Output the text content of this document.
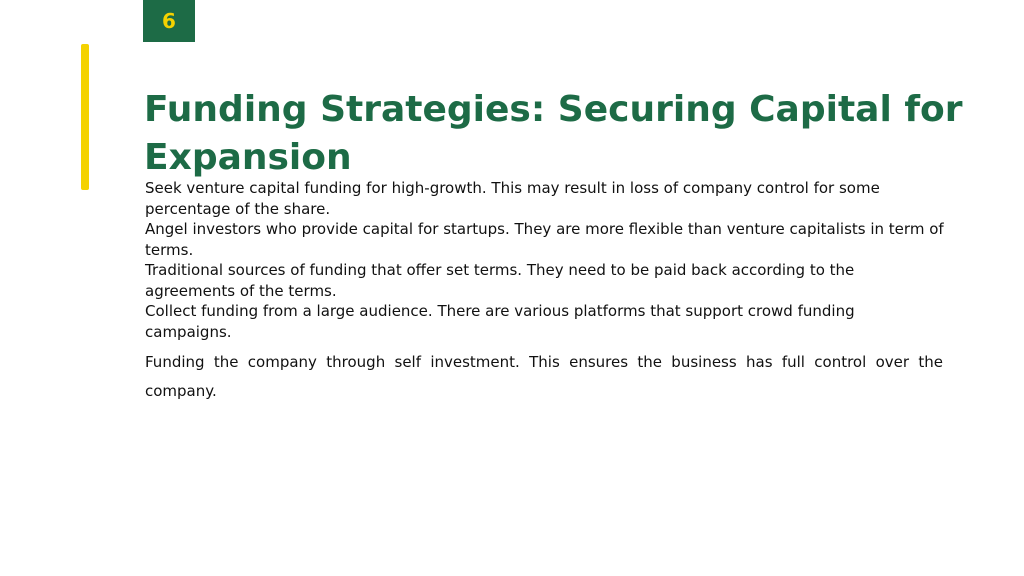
6
Funding Strategies: Securing Capital for Expansion
Seek venture capital funding for high-growth. This may result in loss of company control for some percentage of the share.
Angel investors who provide capital for startups. They are more flexible than venture capitalists in term of terms.
Traditional sources of funding that offer set terms. They need to be paid back according to the agreements of the terms.
Collect funding from a large audience. There are various platforms that support crowd funding campaigns.
Funding the company through self investment. This ensures the business has full control over the company.
